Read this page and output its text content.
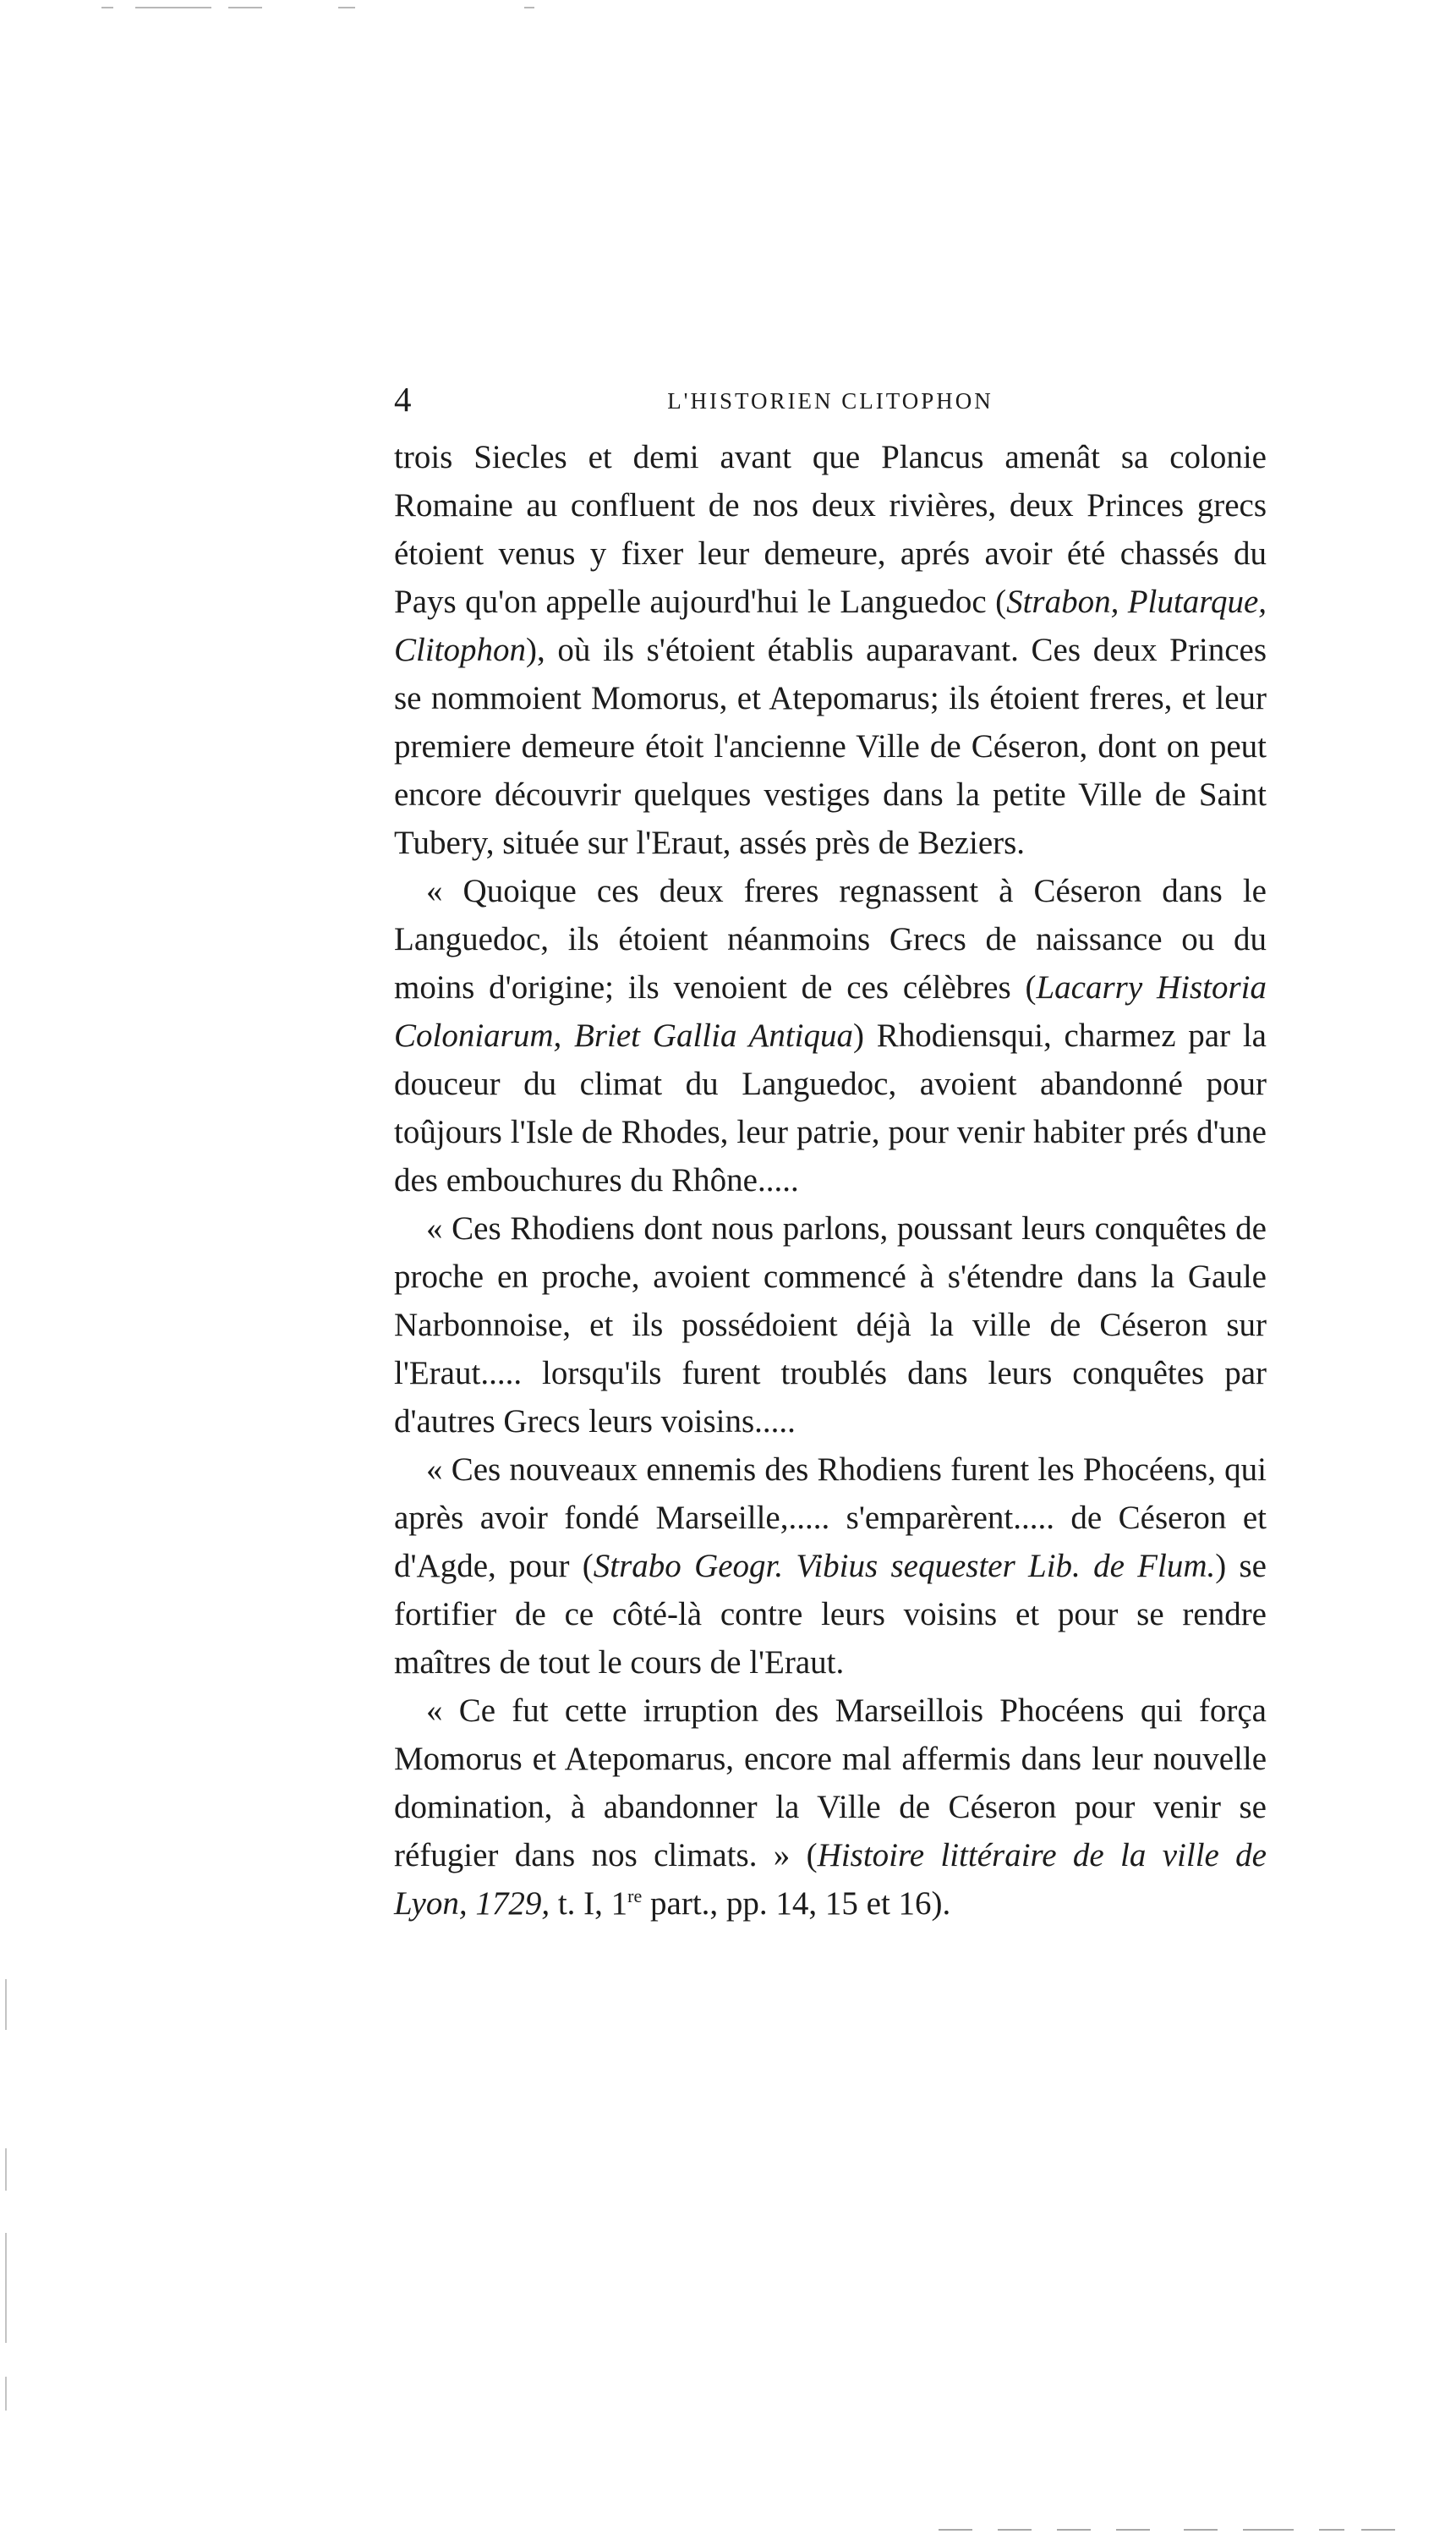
4	L'HISTORIEN CLITOPHON

trois Siecles et demi avant que Plancus amenât sa colonie Romaine au confluent de nos deux rivières, deux Princes grecs étoient venus y fixer leur demeure, aprés avoir été chassés du Pays qu'on appelle aujourd'hui le Languedoc (Strabon, Plutarque, Clitophon), où ils s'étoient établis auparavant. Ces deux Princes se nommoient Momorus, et Atepomarus; ils étoient freres, et leur premiere demeure étoit l'ancienne Ville de Céseron, dont on peut encore découvrir quelques vestiges dans la petite Ville de Saint Tubery, située sur l'Eraut, assés près de Beziers.

« Quoique ces deux freres regnassent à Céseron dans le Languedoc, ils étoient néanmoins Grecs de naissance ou du moins d'origine; ils venoient de ces célèbres (Lacarry Historia Coloniarum, Briet Gallia Antiqua) Rhodiensqui, charmez par la douceur du climat du Languedoc, avoient abandonné pour toûjours l'Isle de Rhodes, leur patrie, pour venir habiter prés d'une des embouchures du Rhône.....

« Ces Rhodiens dont nous parlons, poussant leurs conquêtes de proche en proche, avoient commencé à s'étendre dans la Gaule Narbonnoise, et ils possédoient déjà la ville de Céseron sur l'Eraut..... lorsqu'ils furent troublés dans leurs conquêtes par d'autres Grecs leurs voisins.....

« Ces nouveaux ennemis des Rhodiens furent les Phocéens, qui après avoir fondé Marseille,..... s'emparèrent..... de Céseron et d'Agde, pour (Strabo Geogr. Vibius sequester Lib. de Flum.) se fortifier de ce côté-là contre leurs voisins et pour se rendre maîtres de tout le cours de l'Eraut.

« Ce fut cette irruption des Marseillois Phocéens qui força Momorus et Atepomarus, encore mal affermis dans leur nouvelle domination, à abandonner la Ville de Céseron pour venir se réfugier dans nos climats. » (Histoire littéraire de la ville de Lyon, 1729, t. I, 1re part., pp. 14, 15 et 16).
